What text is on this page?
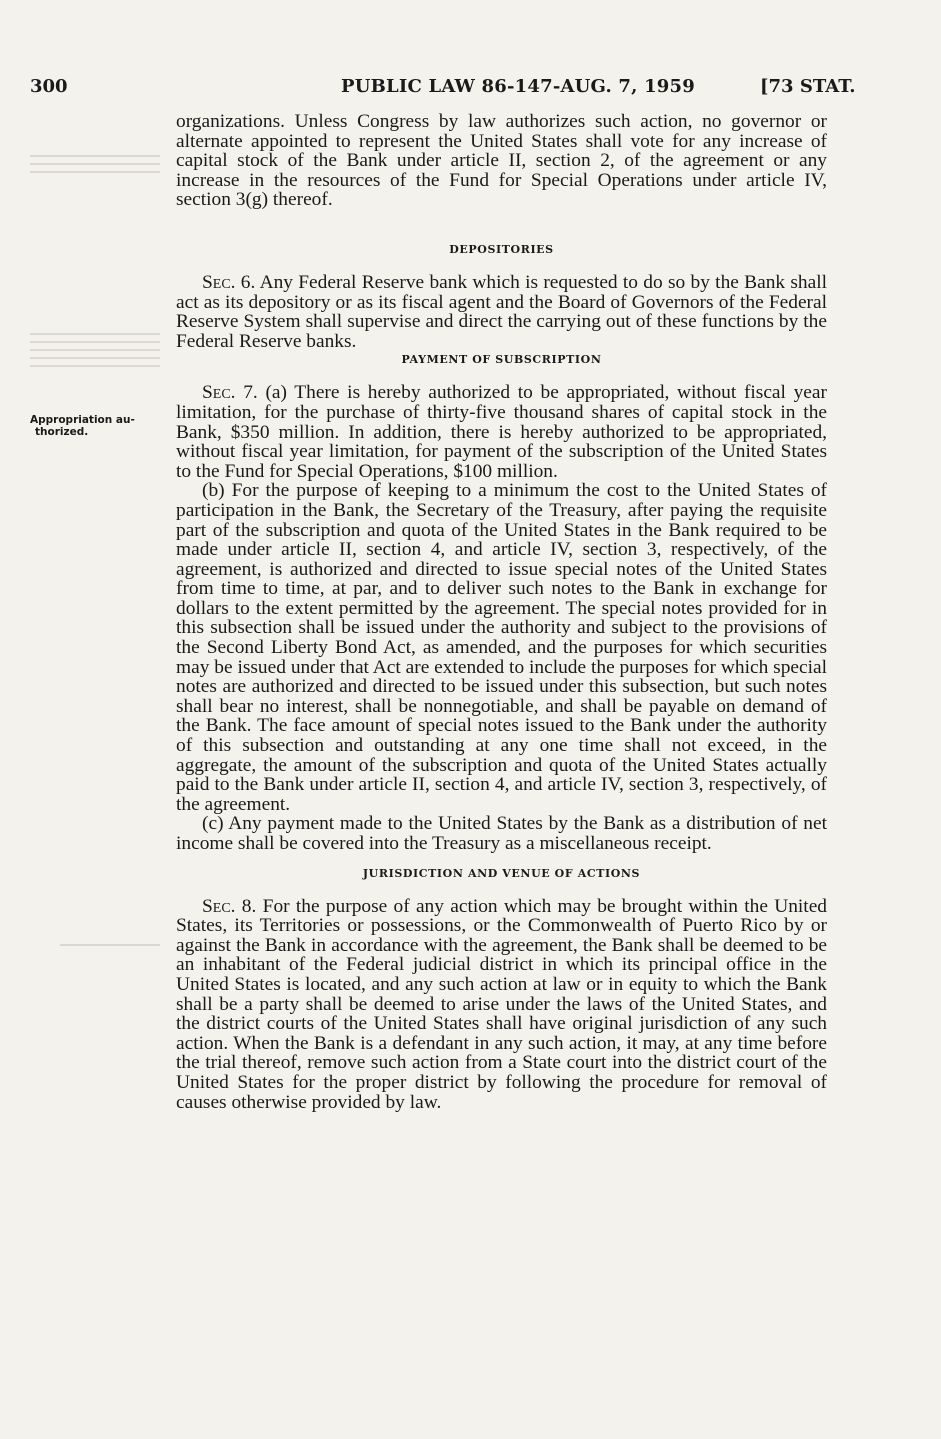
300	PUBLIC LAW 86-147-AUG. 7, 1959	[73 STAT.
Appropriation au-
thorized.

organizations. Unless Congress by law authorizes such action, no governor or alternate appointed to represent the United States shall vote for any increase of capital stock of the Bank under article II, section 2, of the agreement or any increase in the resources of the Fund for Special Operations under article IV, section 3(g) thereof.

DEPOSITORIES

Sec. 6. Any Federal Reserve bank which is requested to do so by the Bank shall act as its depository or as its fiscal agent and the Board of Governors of the Federal Reserve System shall supervise and direct the carrying out of these functions by the Federal Reserve banks.

PAYMENT OF SUBSCRIPTION

Sec. 7. (a) There is hereby authorized to be appropriated, without fiscal year limitation, for the purchase of thirty-five thousand shares of capital stock in the Bank, $350 million. In addition, there is hereby authorized to be appropriated, without fiscal year limitation, for payment of the subscription of the United States to the Fund for Special Operations, $100 million.

(b) For the purpose of keeping to a minimum the cost to the United States of participation in the Bank, the Secretary of the Treasury, after paying the requisite part of the subscription and quota of the United States in the Bank required to be made under article II, section 4, and article IV, section 3, respectively, of the agreement, is authorized and directed to issue special notes of the United States from time to time, at par, and to deliver such notes to the Bank in exchange for dollars to the extent permitted by the agreement. The special notes provided for in this subsection shall be issued under the authority and subject to the provisions of the Second Liberty Bond Act, as amended, and the purposes for which securities may be issued under that Act are extended to include the purposes for which special notes are authorized and directed to be issued under this subsection, but such notes shall bear no interest, shall be nonnegotiable, and shall be payable on demand of the Bank. The face amount of special notes issued to the Bank under the authority of this subsection and outstanding at any one time shall not exceed, in the aggregate, the amount of the subscription and quota of the United States actually paid to the Bank under article II, section 4, and article IV, section 3, respectively, of the agreement.

(c) Any payment made to the United States by the Bank as a distribution of net income shall be covered into the Treasury as a miscellaneous receipt.

JURISDICTION AND VENUE OF ACTIONS

Sec. 8. For the purpose of any action which may be brought within the United States, its Territories or possessions, or the Commonwealth of Puerto Rico by or against the Bank in accordance with the agreement, the Bank shall be deemed to be an inhabitant of the Federal judicial district in which its principal office in the United States is located, and any such action at law or in equity to which the Bank shall be a party shall be deemed to arise under the laws of the United States, and the district courts of the United States shall have original jurisdiction of any such action. When the Bank is a defendant in any such action, it may, at any time before the trial thereof, remove such action from a State court into the district court of the United States for the proper district by following the procedure for removal of causes otherwise provided by law.
